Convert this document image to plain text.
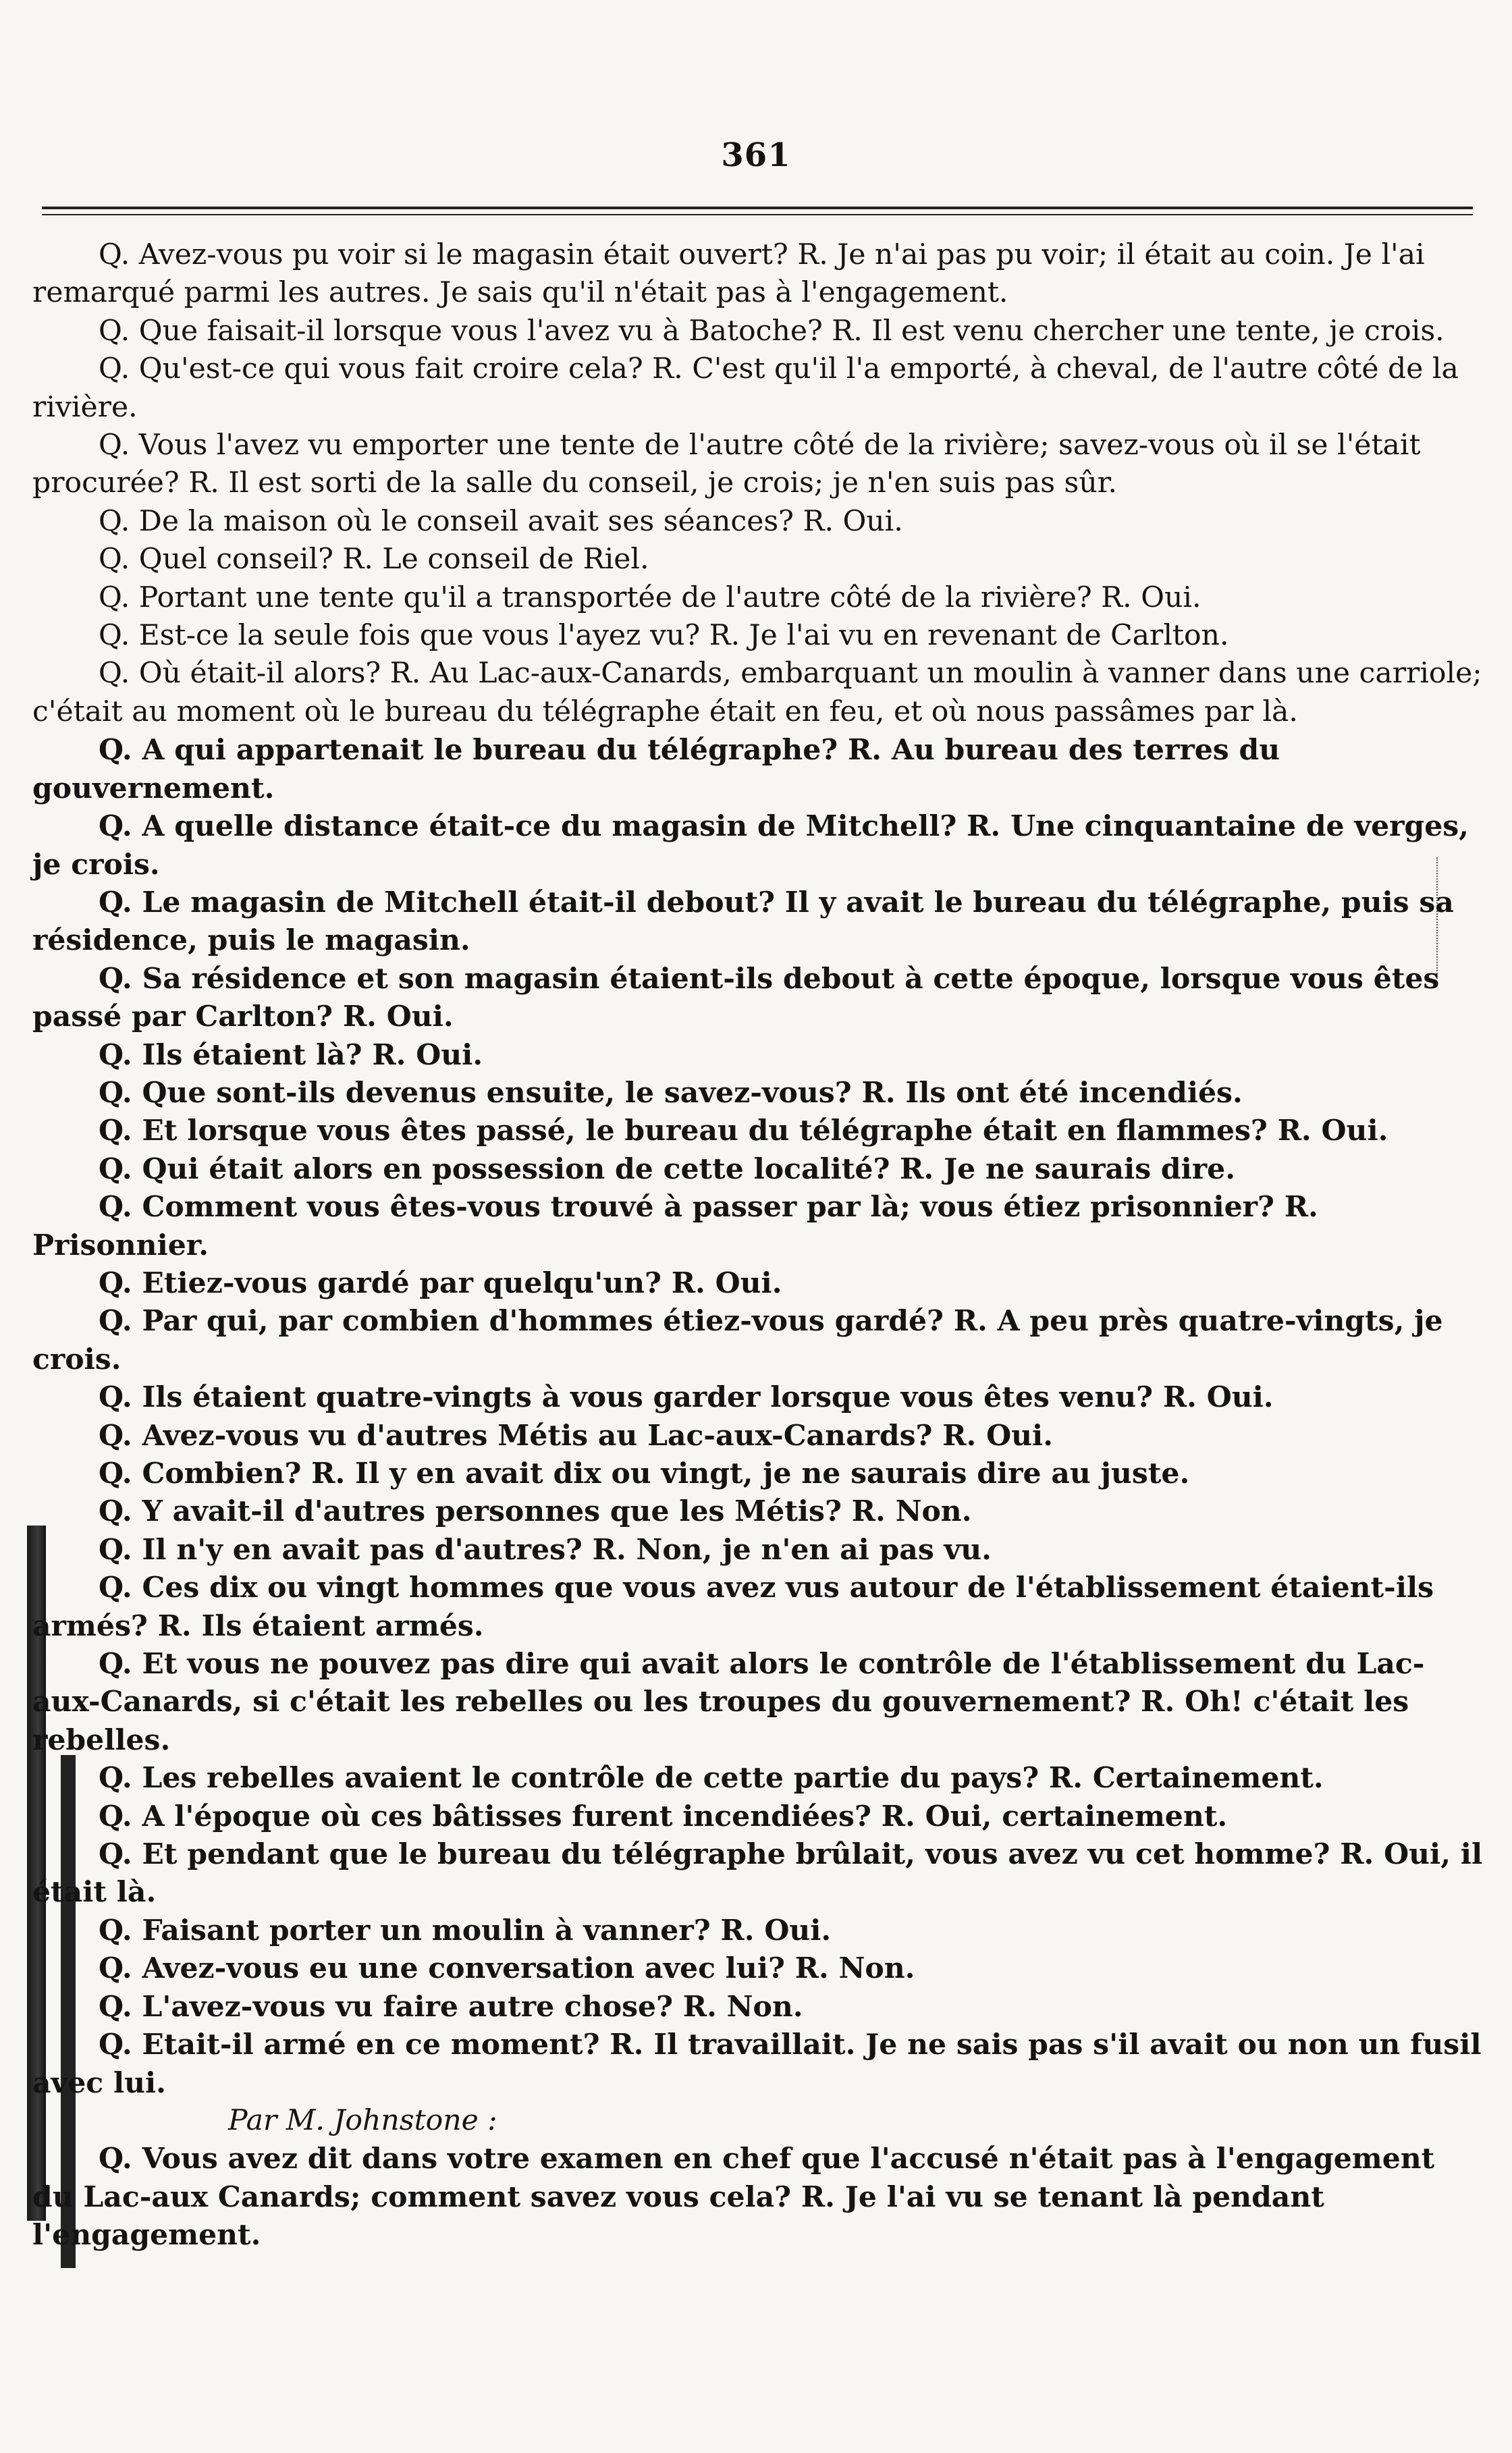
361

Q. Avez-vous pu voir si le magasin était ouvert? R. Je n'ai pas pu voir; il était au coin. Je l'ai remarqué parmi les autres. Je sais qu'il n'était pas à l'engagement.

Q. Que faisait-il lorsque vous l'avez vu à Batoche? R. Il est venu chercher une tente, je crois.

Q. Qu'est-ce qui vous fait croire cela? R. C'est qu'il l'a emporté, à cheval, de l'autre côté de la rivière.

Q. Vous l'avez vu emporter une tente de l'autre côté de la rivière; savez-vous où il se l'était procurée? R. Il est sorti de la salle du conseil, je crois; je n'en suis pas sûr.

Q. De la maison où le conseil avait ses séances? R. Oui.

Q. Quel conseil? R. Le conseil de Riel.

Q. Portant une tente qu'il a transportée de l'autre côté de la rivière? R. Oui.

Q. Est-ce la seule fois que vous l'ayez vu? R. Je l'ai vu en revenant de Carlton.

Q. Où était-il alors? R. Au Lac-aux-Canards, embarquant un moulin à vanner dans une carriole; c'était au moment où le bureau du télégraphe était en feu, et où nous passâmes par là.

Q. A qui appartenait le bureau du télégraphe? R. Au bureau des terres du gouvernement.

Q. A quelle distance était-ce du magasin de Mitchell? R. Une cinquantaine de verges, je crois.

Q. Le magasin de Mitchell était-il debout? Il y avait le bureau du télégraphe, puis sa résidence, puis le magasin.

Q. Sa résidence et son magasin étaient-ils debout à cette époque, lorsque vous êtes passé par Carlton? R. Oui.

Q. Ils étaient là? R. Oui.

Q. Que sont-ils devenus ensuite, le savez-vous? R. Ils ont été incendiés.

Q. Et lorsque vous êtes passé, le bureau du télégraphe était en flammes? R. Oui.

Q. Qui était alors en possession de cette localité? R. Je ne saurais dire.

Q. Comment vous êtes-vous trouvé à passer par là; vous étiez prisonnier? R. Prisonnier.

Q. Etiez-vous gardé par quelqu'un? R. Oui.

Q. Par qui, par combien d'hommes étiez-vous gardé? R. A peu près quatre-vingts, je crois.

Q. Ils étaient quatre-vingts à vous garder lorsque vous êtes venu? R. Oui.

Q. Avez-vous vu d'autres Métis au Lac-aux-Canards? R. Oui.

Q. Combien? R. Il y en avait dix ou vingt, je ne saurais dire au juste.

Q. Y avait-il d'autres personnes que les Métis? R. Non.

Q. Il n'y en avait pas d'autres? R. Non, je n'en ai pas vu.

Q. Ces dix ou vingt hommes que vous avez vus autour de l'établissement étaient-ils armés? R. Ils étaient armés.

Q. Et vous ne pouvez pas dire qui avait alors le contrôle de l'établissement du Lac-aux-Canards, si c'était les rebelles ou les troupes du gouvernement? R. Oh! c'était les rebelles.

Q. Les rebelles avaient le contrôle de cette partie du pays? R. Certainement.

Q. A l'époque où ces bâtisses furent incendiées? R. Oui, certainement.

Q. Et pendant que le bureau du télégraphe brûlait, vous avez vu cet homme? R. Oui, il était là.

Q. Faisant porter un moulin à vanner? R. Oui.

Q. Avez-vous eu une conversation avec lui? R. Non.

Q. L'avez-vous vu faire autre chose? R. Non.

Q. Etait-il armé en ce moment? R. Il travaillait. Je ne sais pas s'il avait ou non un fusil avec lui.

Par M. Johnstone :

Q. Vous avez dit dans votre examen en chef que l'accusé n'était pas à l'engagement du Lac-aux Canards; comment savez vous cela? R. Je l'ai vu se tenant là pendant l'engagement.
